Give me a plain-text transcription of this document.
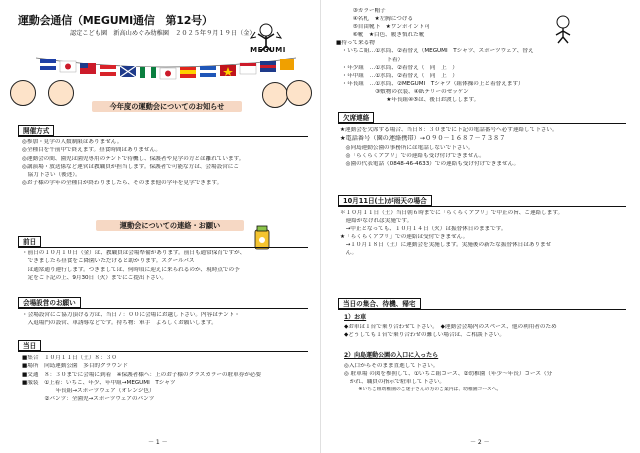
運動会通信（MEGUMI通信　第12号）
認定こども園　新高山めぐみ幼稚園　２０２５年９月１９日（金）
MEGUMI
今年度の運動会についてのお知らせ
開催方式
◎参加・見学の人数制限はありません。
◎全種目を午前中で終えます。昼食時間はありません。
◎運動会の間、園児は園児専用のテントで待機し、保護者や見学の方とは離れています。
◎講演場・放送係など運営は教職員が担当します。保護者で可能な方は、会場設営にご
　協力下さい（後述）。
◎お子様の学年の全種目が終わりましたら、そのまま他の学年を見学できます。
運動会についての連絡・お願い
前日
・前日の１０月１０日（金）は、教職員は会場準備があります。前日も通常保育ですが、
　できましたら昼食をご降園いただけると助かります。スクールバス
　は通常通り運行します。つきましては、何時頃に迎えに来られるのか、現時点での予
　定をご下記の上、9月30日（火）までにご提出下さい。
会場設営のお願い
・会場設営にご協力頂ける方は、当日７：００に会場にお越し下さい。内容はテント・
　入退場門の設営、車誘導などです。持ち物：軍手　よろしくお願いします。
当日
■集合　１０月１１日（土）８：３０
■場所　向島運動公園　多目的グラウンド
■交通　８：３０までに会場に到着　※保護者様へ：上のお子様のクラスカラーの駐車券が必要
■服装　①上着：いちご、年少、年中組→MEGUMI　Tシャツ
　　　　　　年長組→スポーツウェア（オレンジ色）
　　　　②パンツ：全園児→スポーツウェアのパンツ
－ 1 －
　　　③カラー帽子
　　　④名札　★左胸につける
　　　⑤自由靴下　★ワンポイント可
　　　⑥靴　★白色、履き慣れた靴
■持って来る物
　・いちご組…①水筒、②着替え（MEGUMI　Tシャツ、スポーツウェア、替え
　　　　　　　　　下着）
　・年少組　…①水筒、②着替え（　同　上　）
　・年中組　…①水筒、②着替え（　同　上　）
　・年長組　…①水筒、②MEGUMI　Tシャツ（組体操の上と着替えます）
　　　　　　　③敷物の衣装、④紙テリーのゼッケン
　　　　　　　　　★年長組④⑤は、後日お渡しします。
欠席連絡
★運動会を欠席する場合、当日８：３０までに下記の電話番号へ必ず連絡して下さい。
★電話番号（園の連絡携帯）→０９０－１６８７－７３８７
　◎向島運動公園の事務所には電話しないで下さい。
　◎「らくらくアプリ」での連絡も受け付けできません。
　◎園の代表電話（0848-46-4633）での連絡も受け付けできません。
10月11日(土)が雨天の場合
＊１０月１１日（土）当日朝６時までに「らくらくアプリ」で中止の旨、ご連絡します。
　連絡がなければ実施です。
　→中止となっても、１０月１４日（火）は振替休日のままです。
★「らくらくアプリ」での連絡は受付できません。
　→１０月１８日（土）に運動会を実施します。実施後の新たな振替休日はありませ
　ん。
当日の集合、待機、帰宅
1）お車
◆お車は１台で乗り合わせて下さい。　◆運動会会場内のスペース、他の利用者のため
◆どうしても１台で乗り合わせの難しい場合は、ご相談下さい。
2）向島運動公園の入口に入ったら
◎入口からそのまま直進して下さい。
◎ 駐車場 の図を参照して、①いちご組コース、②幼稚園（年少～年長）コース（分
　かれ、職員の指示で駐車して下さい。
　　　※いちご組幼稚園のご迷子さんの方のご案内は、幼稚園コースへ。
－ 2 －
